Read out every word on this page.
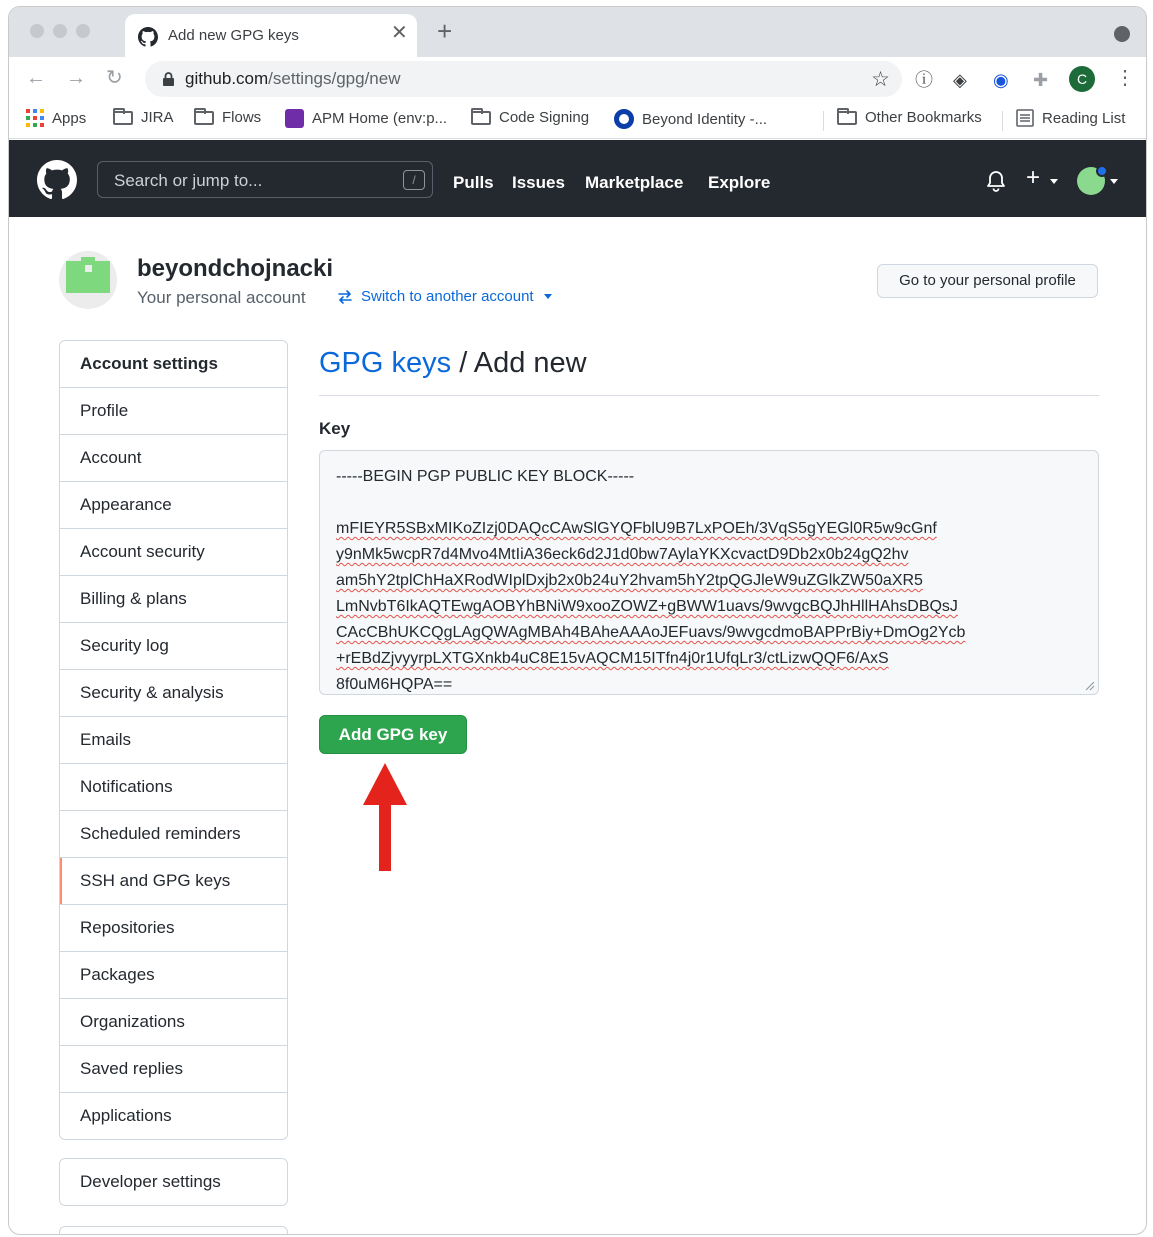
Add new GPG keys	✕ +
← → ↻	github.com/settings/gpg/new	☆ ⓘ ◈ ◉ ✚	C	⋮
Apps	JIRA	Flows	APM Home (env:p...	Code Signing	Beyond Identity -...	Other Bookmarks	Reading List
Search or jump to...	/	Pulls Issues Marketplace Explore	+
beyondchojnacki
Your personal account	Switch to another account
Go to your personal profile
Account settings
Profile
Account
Appearance
Account security
Billing & plans
Security log
Security & analysis
Emails
Notifications
Scheduled reminders
SSH and GPG keys
Repositories
Packages
Organizations
Saved replies
Applications
Developer settings
GPG keys / Add new
Key
-----BEGIN PGP PUBLIC KEY BLOCK-----
mFIEYR5SBxMIKoZIzj0DAQcCAwSlGYQFblU9B7LxPOEh/3VqS5gYEGl0R5w9cGnf
y9nMk5wcpR7d4Mvo4MtIiA36eck6d2J1d0bw7AylaYKXcvactD9Db2x0b24gQ2hv
am5hY2tplChHaXRodWIplDxjb2x0b24uY2hvam5hY2tpQGJleW9uZGlkZW50aXR5
LmNvbT6IkAQTEwgAOBYhBNiW9xooZOWZ+gBWW1uavs/9wvgcBQJhHllHAhsDBQsJ
CAcCBhUKCQgLAgQWAgMBAh4BAheAAAoJEFuavs/9wvgcdmoBAPPrBiy+DmOg2Ycb
+rEBdZjvyyrpLXTGXnkb4uC8E15vAQCM15ITfn4j0r1UfqLr3/ctLizwQQF6/AxS
8f0uM6HQPA==
Add GPG key
